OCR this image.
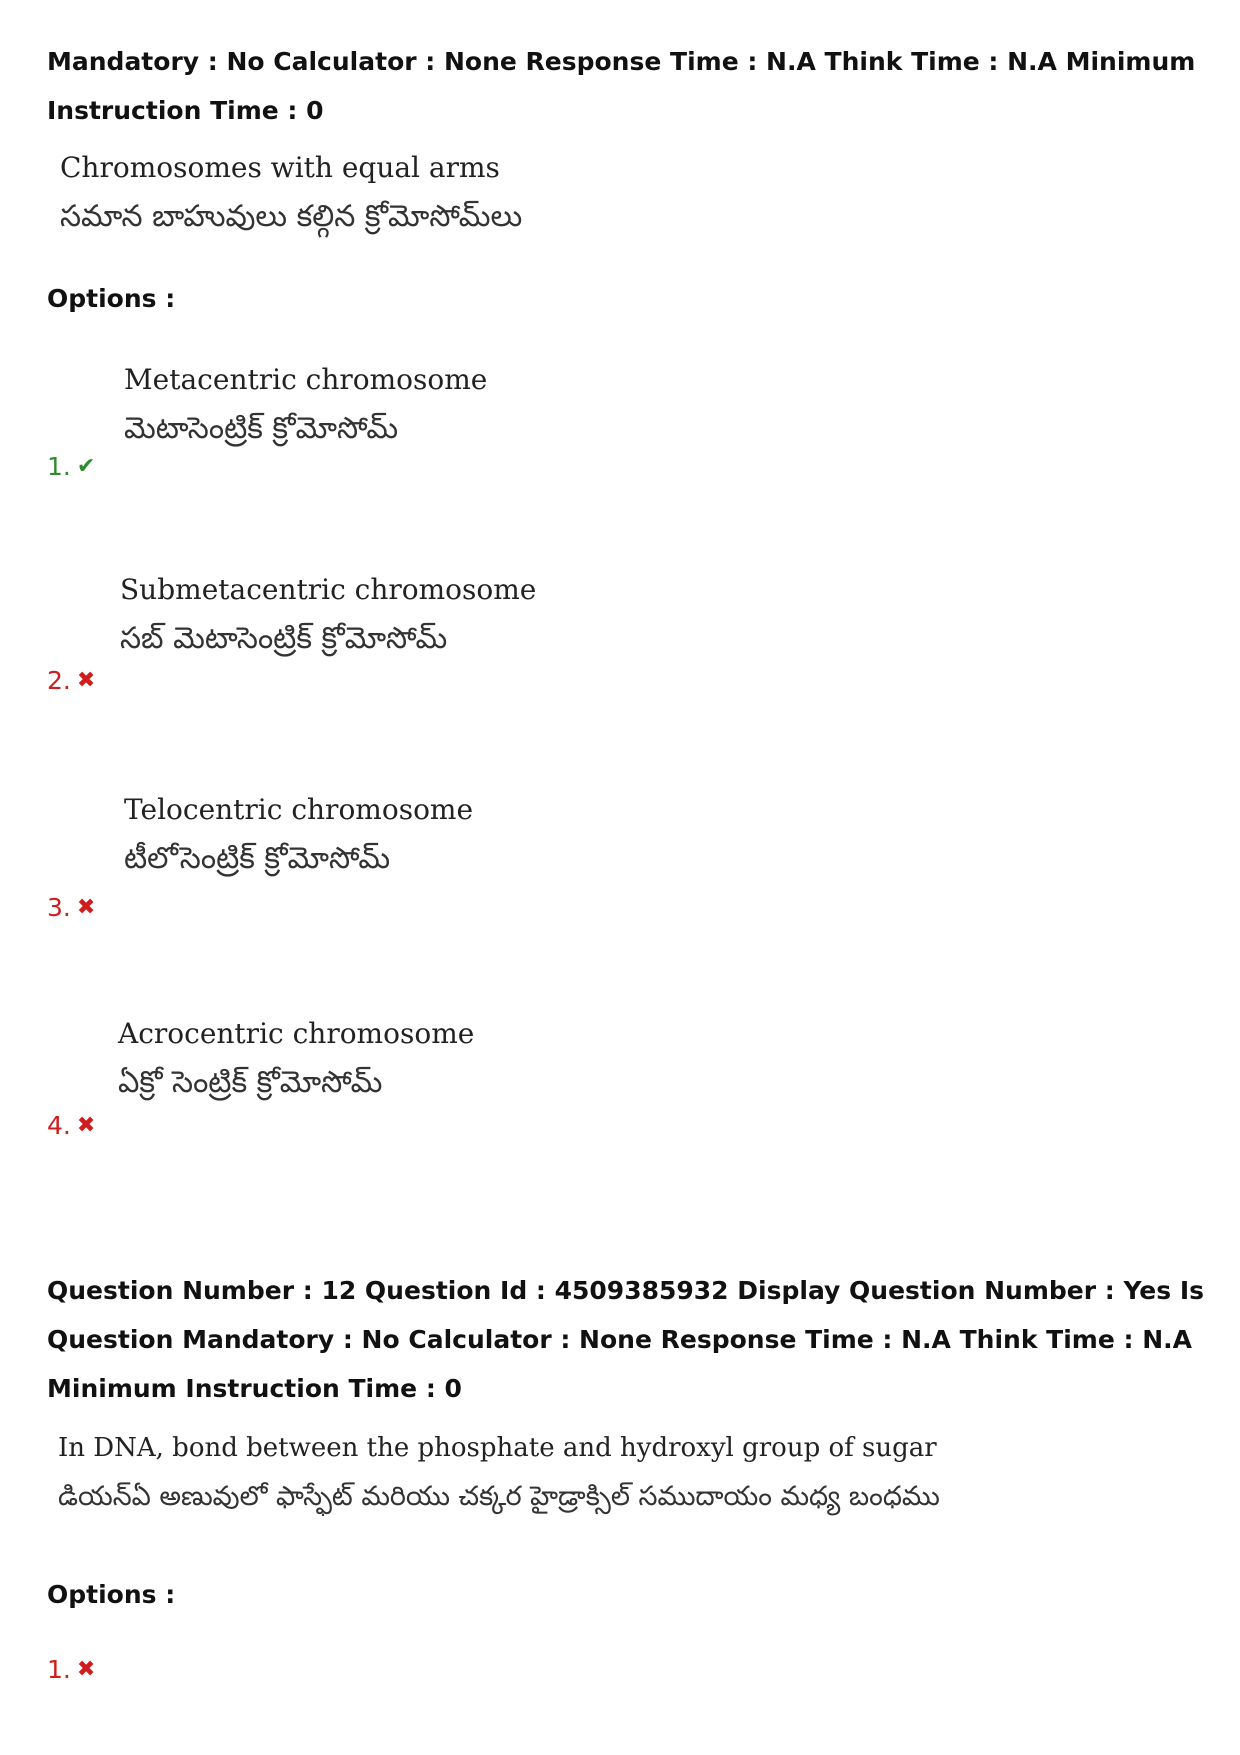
Mandatory : No Calculator : None Response Time : N.A Think Time : N.A Minimum Instruction Time : 0
Chromosomes with equal arms
సమాన బాహువులు కల్గిన క్రోమోసోమ్‌లు
Options :
Metacentric chromosome
మెటాసెంట్రిక్ క్రోమోసోమ్
1. ✔
Submetacentric chromosome
సబ్ మెటాసెంట్రిక్ క్రోమోసోమ్
2. ✖
Telocentric chromosome
టీలోసెంట్రిక్ క్రోమోసోమ్
3. ✖
Acrocentric chromosome
ఏక్రో సెంట్రిక్ క్రోమోసోమ్
4. ✖
Question Number : 12 Question Id : 4509385932 Display Question Number : Yes Is Question Mandatory : No Calculator : None Response Time : N.A Think Time : N.A Minimum Instruction Time : 0
In DNA, bond between the phosphate and hydroxyl group of sugar
డియన్ఏ అణువులో ఫాస్ఫేట్ మరియు చక్కర హైడ్రాక్సిల్ సముదాయం మధ్య బంధము
Options :
1. ✖
